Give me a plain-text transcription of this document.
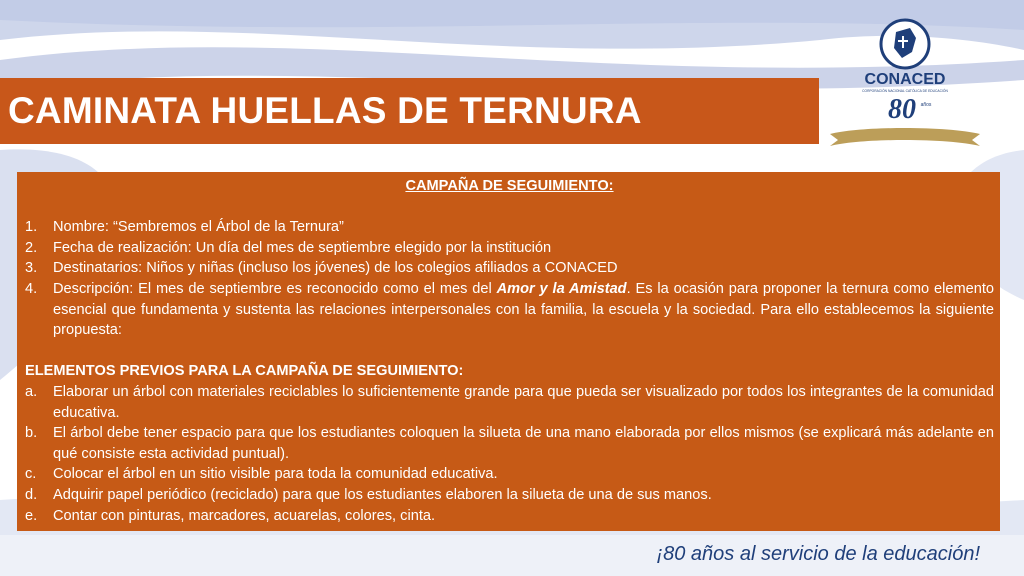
CAMINATA HUELLAS DE TERNURA
CONACED
CORPORACIÓN NACIONAL CATÓLICA DE EDUCACIÓN
80 años

CAMPAÑA DE SEGUIMIENTO:

1. Nombre: “Sembremos el Árbol de la Ternura”
2. Fecha de realización: Un día del mes de septiembre elegido por la institución
3. Destinatarios: Niños y niñas (incluso los jóvenes) de los colegios afiliados a CONACED
4. Descripción: El mes de septiembre es reconocido como el mes del Amor y la Amistad. Es la ocasión para proponer la ternura como elemento esencial que fundamenta y sustenta las relaciones interpersonales con la familia, la escuela y la sociedad. Para ello establecemos la siguiente propuesta:

ELEMENTOS PREVIOS PARA LA CAMPAÑA DE SEGUIMIENTO:

a. Elaborar un árbol con materiales reciclables lo suficientemente grande para que pueda ser visualizado por todos los integrantes de la comunidad educativa.
b. El árbol debe tener espacio para que los estudiantes coloquen la silueta de una mano elaborada por ellos mismos (se explicará más adelante en qué consiste esta actividad puntual).
c. Colocar el árbol en un sitio visible para toda la comunidad educativa.
d. Adquirir papel periódico (reciclado) para que los estudiantes elaboren la silueta de una de sus manos.
e. Contar con pinturas, marcadores, acuarelas, colores, cinta.
¡80 años al servicio de la educación!
